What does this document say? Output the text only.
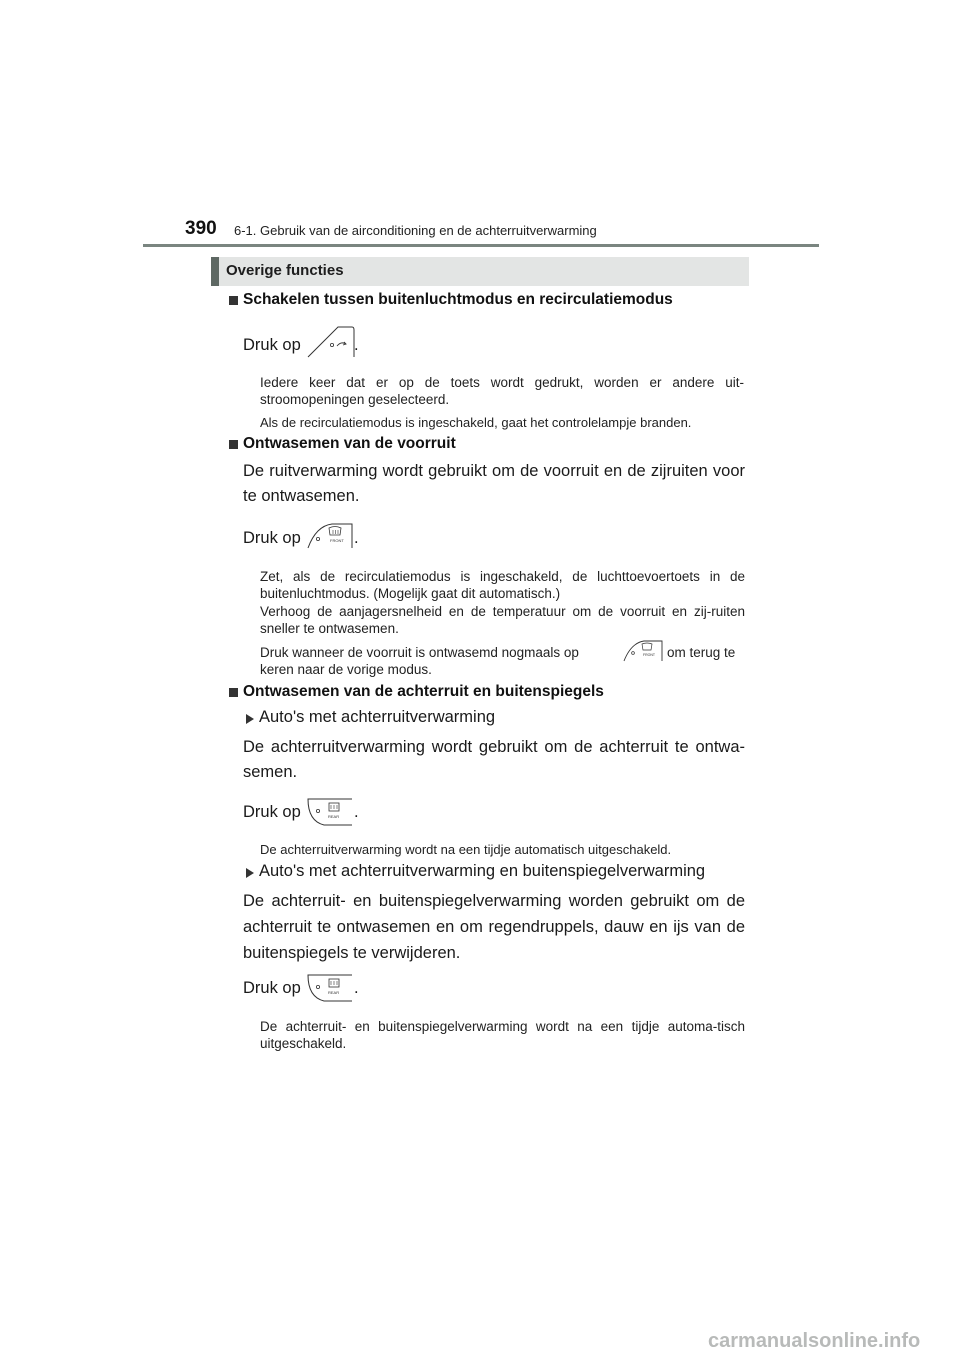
390 6-1. Gebruik van de airconditioning en de achterruitverwarming
Overige functies
Schakelen tussen buitenluchtmodus en recirculatiemodus
Druk op	.
Iedere keer dat er op de toets wordt gedrukt, worden er andere uit-stroomopeningen geselecteerd.
Als de recirculatiemodus is ingeschakeld, gaat het controlelampje branden.
Ontwasemen van de voorruit
De ruitverwarming wordt gebruikt om de voorruit en de zijruiten voor te ontwasemen.
Druk op	FRONT .
Zet, als de recirculatiemodus is ingeschakeld, de luchttoevoertoets in de buitenluchtmodus. (Mogelijk gaat dit automatisch.)
Verhoog de aanjagersnelheid en de temperatuur om de voorruit en zij-ruiten sneller te ontwasemen.
Druk wanneer de voorruit is ontwasemd nogmaals op	FRONT om terug te
keren naar de vorige modus.
Ontwasemen van de achterruit en buitenspiegels
Auto's met achterruitverwarming
De achterruitverwarming wordt gebruikt om de achterruit te ontwa-semen.
Druk op	REAR .
De achterruitverwarming wordt na een tijdje automatisch uitgeschakeld.
Auto's met achterruitverwarming en buitenspiegelverwarming
De achterruit- en buitenspiegelverwarming worden gebruikt om de achterruit te ontwasemen en om regendruppels, dauw en ijs van de buitenspiegels te verwijderen.
Druk op	REAR .
De achterruit- en buitenspiegelverwarming wordt na een tijdje automa-tisch uitgeschakeld.
carmanualsonline.info
